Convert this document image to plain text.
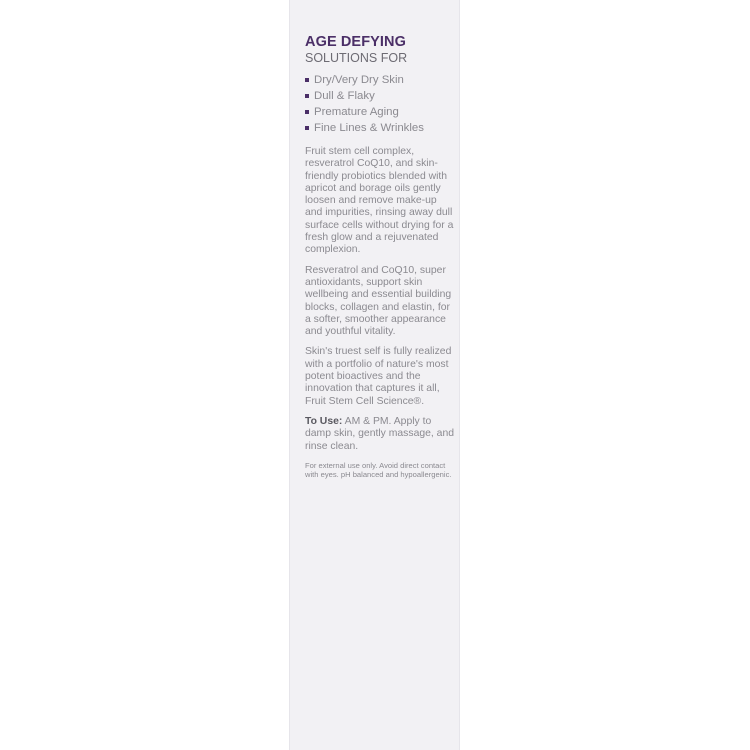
AGE DEFYING
SOLUTIONS FOR
Dry/Very Dry Skin
Dull & Flaky
Premature Aging
Fine Lines & Wrinkles

Fruit stem cell complex, resveratrol CoQ10, and skin-friendly probiotics blended with apricot and borage oils gently loosen and remove make-up and impurities, rinsing away dull surface cells without drying for a fresh glow and a rejuvenated complexion.

Resveratrol and CoQ10, super antioxidants, support skin wellbeing and essential building blocks, collagen and elastin, for a softer, smoother appearance and youthful vitality.

Skin's truest self is fully realized with a portfolio of nature's most potent bioactives and the innovation that captures it all, Fruit Stem Cell Science®.

To Use: AM & PM. Apply to damp skin, gently massage, and rinse clean.

For external use only. Avoid direct contact with eyes. pH balanced and hypoallergenic.
